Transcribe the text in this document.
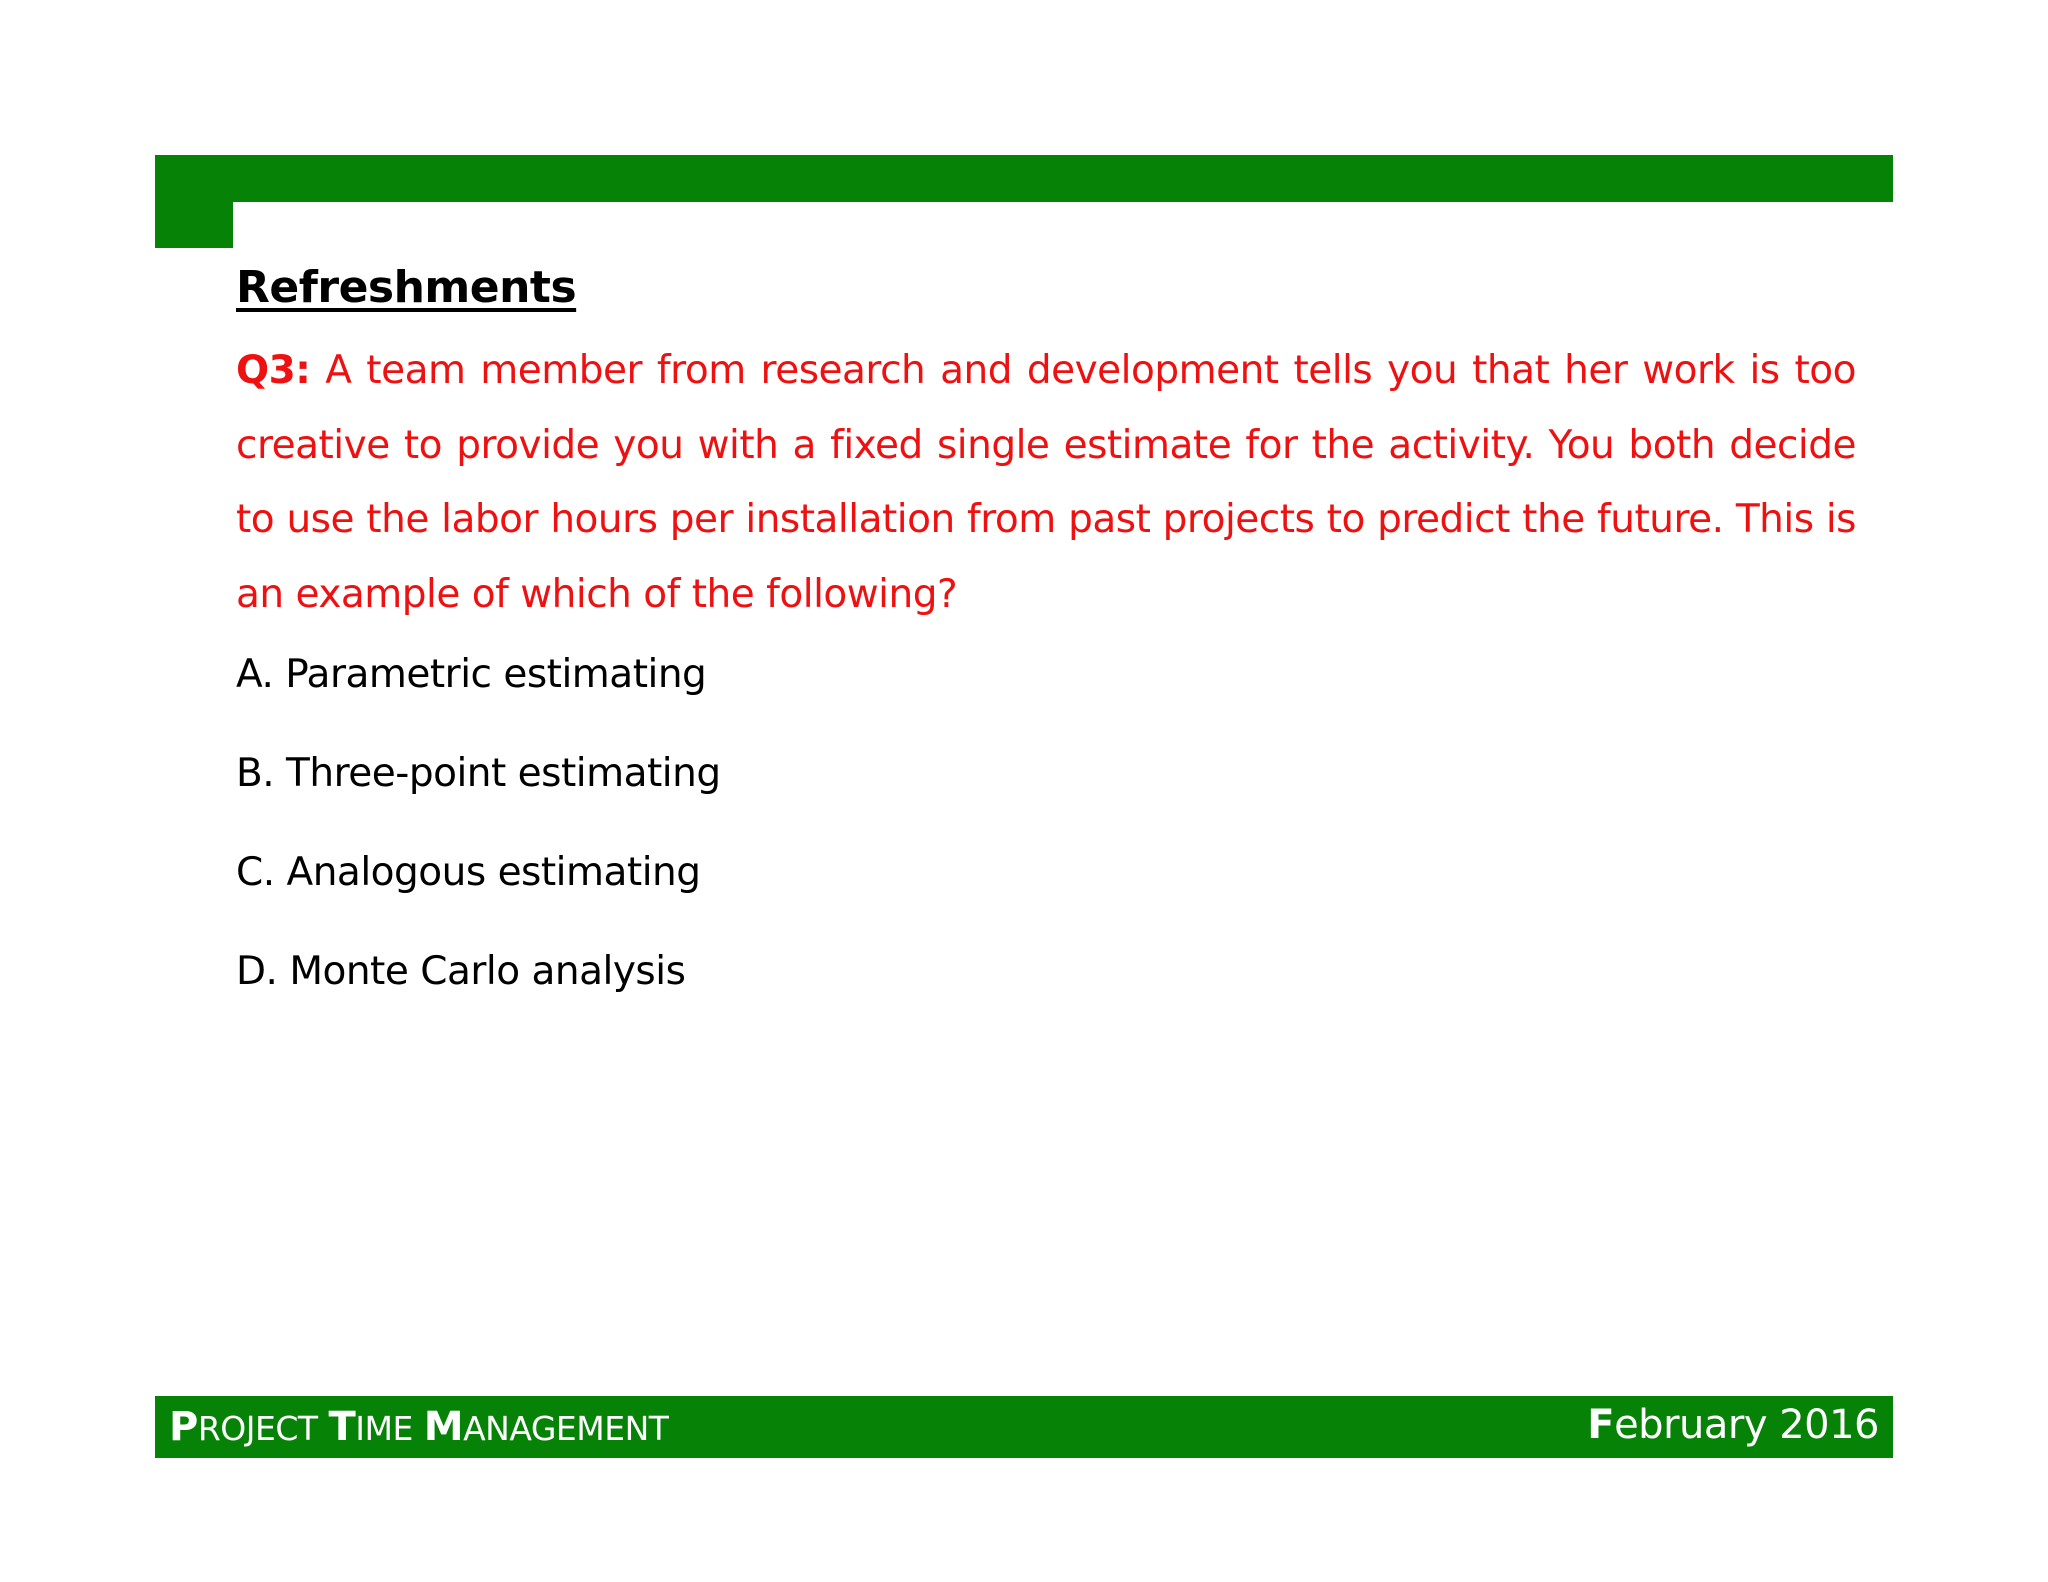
Refreshments
Q3: A team member from research and development tells you that her work is too creative to provide you with a fixed single estimate for the activity. You both decide to use the labor hours per installation from past projects to predict the future. This is an example of which of the following?
A. Parametric estimating
B. Three-point estimating
C. Analogous estimating
D. Monte Carlo analysis
PROJECT TIME MANAGEMENT	February 2016
